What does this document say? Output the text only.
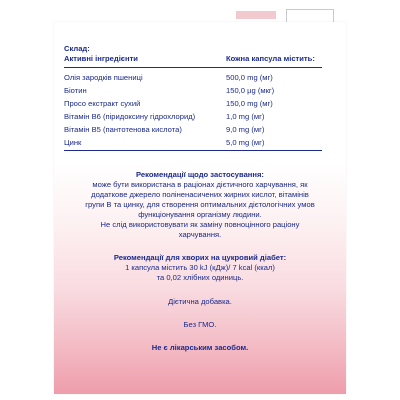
Склад:
Активні інгредієнти	Кожна капсула містить:
Олія зародків пшениці	500,0 mg (мг)
Біотин	150,0 µg (мкг)
Просо екстракт сухий	150,0 mg (мг)
Вітамін B6 (піридоксину гідрохлорид)	1,0 mg (мг)
Вітамін B5 (пантотенова кислота)	9,0 mg (мг)
Цинк	5,0 mg (мг)
Рекомендації щодо застосування:
може бути використана в раціонах дієтичного харчування, як
додаткове джерело поліненасичених жирних кислот, вітамінів
групи B та цинку, для створення оптимальних дієтологічних умов
функціонування організму людини.
Не слід використовувати як заміну повноцінного раціону
харчування.
Рекомендації для хворих на цукровий діабет:
1 капсула містить 30 kJ (кДж)/ 7 kcal (ккал)
та 0,02 хлібних одиниць.
Дієтична добавка.
Без ГМО.
Не є лікарським засобом.
